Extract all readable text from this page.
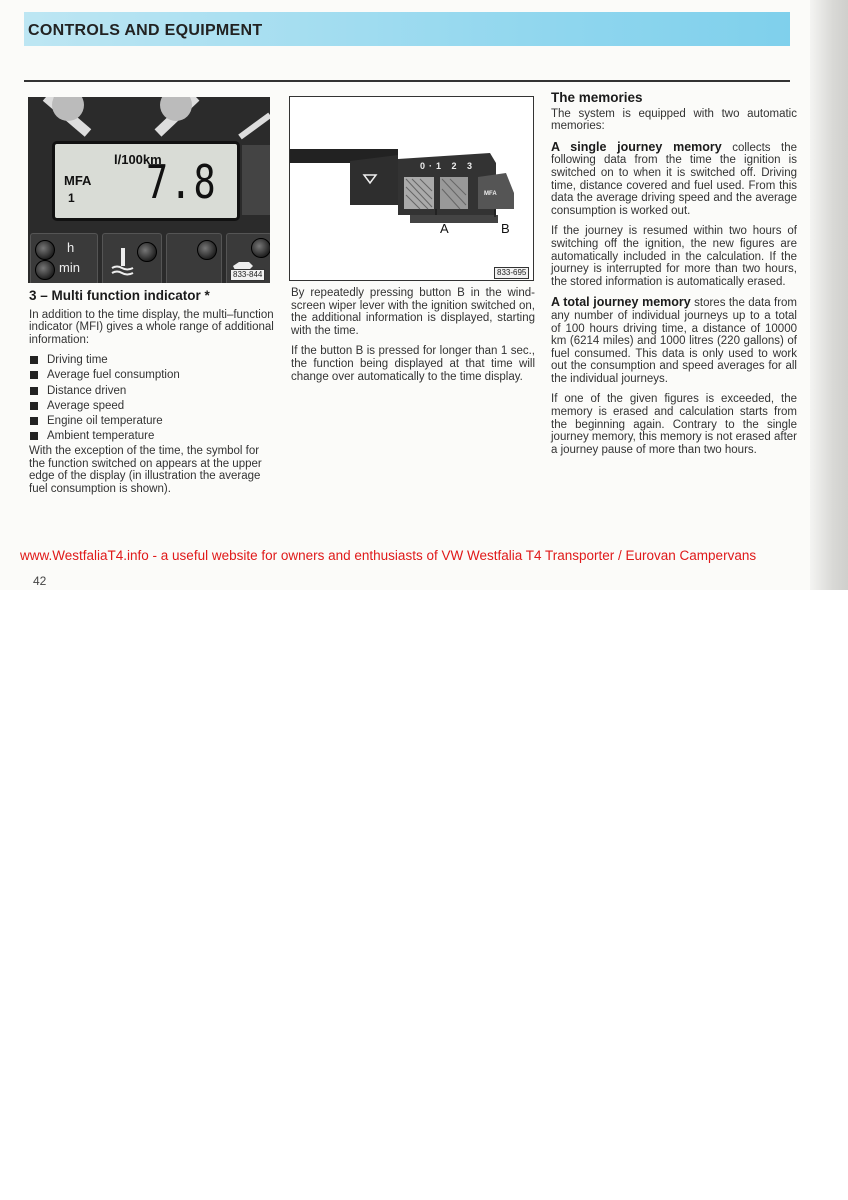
CONTROLS AND EQUIPMENT
l/100km
MFA
1 7.8
h
min	833-844
0·1 2 3
MFA
A	B
833-695
3 – Multi function indicator *

In addition to the time display, the multi–function indicator (MFI) gives a whole range of additional information:

Driving time
Average fuel consumption
Distance driven
Average speed
Engine oil temperature
Ambient temperature

With the exception of the time, the symbol for the function switched on appears at the upper edge of the display (in illustration the average fuel consumption is shown).

By repeatedly pressing button B in the wind-screen wiper lever with the ignition switched on, the additional information is displayed, starting with the time.

If the button B is pressed for longer than 1 sec., the function being displayed at that time will change over automatically to the time display.

The memories

The system is equipped with two automatic memories:

A single journey memory collects the following data from the time the ignition is switched on to when it is switched off. Driving time, distance covered and fuel used. From this data the average driving speed and the average consumption is worked out.

If the journey is resumed within two hours of switching off the ignition, the new figures are automatically included in the calculation. If the journey is interrupted for more than two hours, the stored information is automatically erased.

A total journey memory stores the data from any number of individual journeys up to a total of 100 hours driving time, a distance of 10000 km (6214 miles) and 1000 litres (220 gallons) of fuel consumed. This data is only used to work out the consumption and speed averages for all the individual journeys.

If one of the given figures is exceeded, the memory is erased and calculation starts from the beginning again. Contrary to the single journey memory, this memory is not erased after a journey pause of more than two hours.

www.WestfaliaT4.info - a useful website for owners and enthusiasts of VW Westfalia T4 Transporter / Eurovan Campervans
42
